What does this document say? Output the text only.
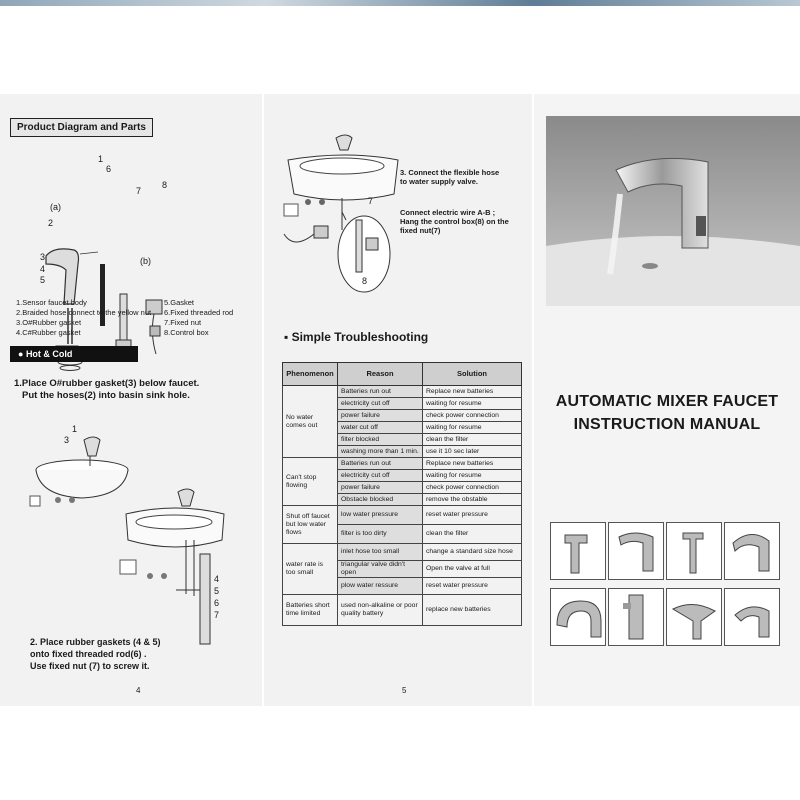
Product Diagram and Parts
1
6
7
8
2
3
4
5
(a)
(b)
1.Sensor faucet body
2.Braided hose connect to the yellow nut
3.O#Rubber gasket
4.C#Rubber gasket
5.Gasket
6.Fixed threaded rod
7.Fixed nut
8.Control box
● Hot & Cold
1.Place O#rubber gasket(3) below faucet.
Put the hoses(2) into basin sink hole.
1
3
4
5
6
7
2. Place rubber gaskets (4 & 5)
onto fixed threaded rod(6) .
Use fixed nut (7) to screw it.
4
7
8
3. Connect the flexible hose
to water supply valve.
Connect electric wire A-B ;
Hang the control box(8) on the
fixed nut(7)
▪ Simple Troubleshooting
Phenomenon	Reason	Solution
No water comes out	Batteries run out	Replace new batteries
	electricity cut off	waiting for resume
	power failure	check power connection
	water cut off	waiting for resume
	filter blocked	clean the filter
	washing more than 1 min.	use it 10 sec later
Can't stop flowing	Batteries run out	Replace new batteries
	electricity cut off	waiting for resume
	power failure	check power connection
	Obstacle blocked	remove the obstable
Shut off faucet but low water flows	low water pressure	reset water pressure
	filter is too dirty	clean the filter
water rate is too small	inlet hose too small	change a standard size hose
	triangular valve didn't open	Open the valve at full
	plow water ressure	reset water pressure
Batteries short time limited	used non-alkaline or poor quality battery	replace new batteries
5
AUTOMATIC MIXER FAUCET
INSTRUCTION MANUAL
